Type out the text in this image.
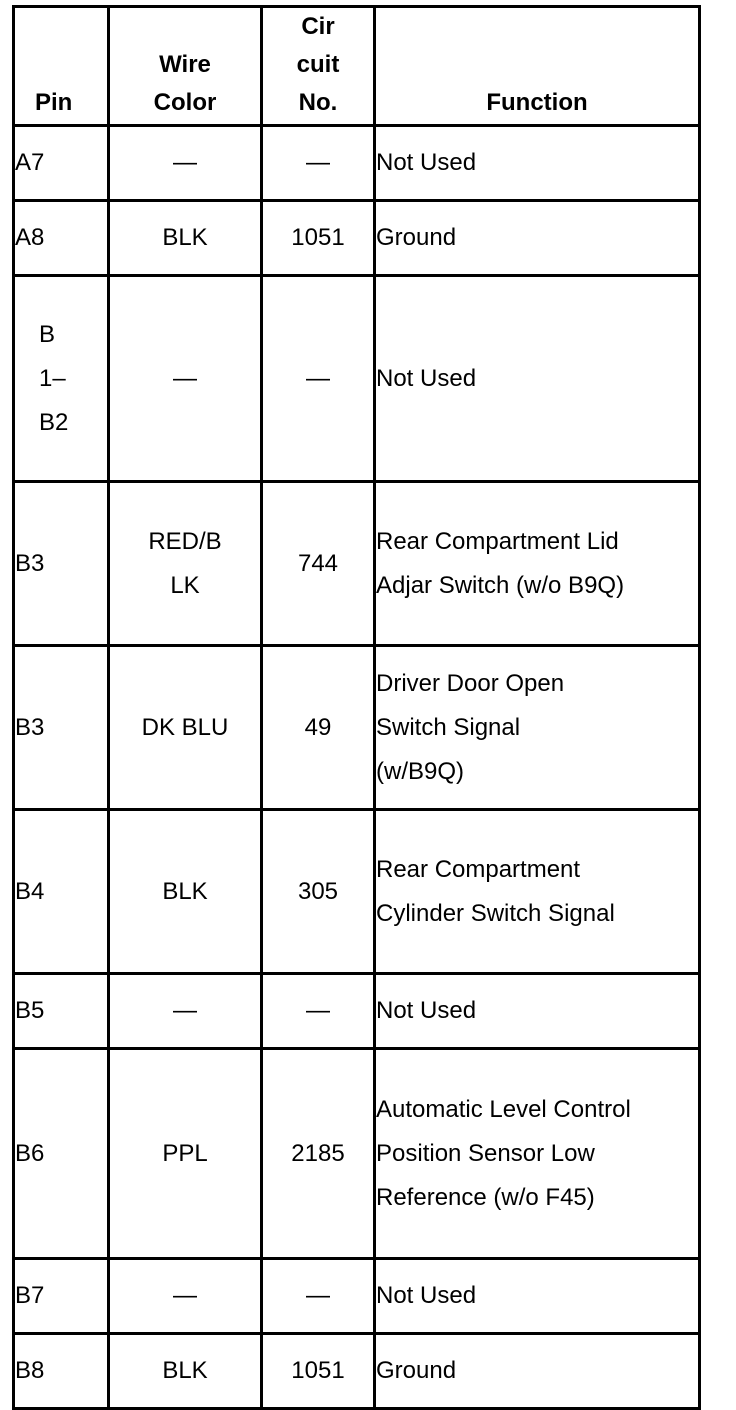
Pin	Wire Color	Cir cuit No.	Function
A7	—	—	Not Used
A8	BLK	1051	Ground

B 1– B2	—	—	Not Used
B3	RED/B LK	744	Rear Compartment Lid Adjar Switch (w/o B9Q)

B3	DK BLU	49	Driver Door Open Switch Signal (w/B9Q)

B4	BLK	305	Rear Compartment Cylinder Switch Signal

B5	—	—	Not Used
B6	PPL	2185	Automatic Level Control Position Sensor Low Reference (w/o F45)

B7	—	—	Not Used
B8	BLK	1051	Ground
